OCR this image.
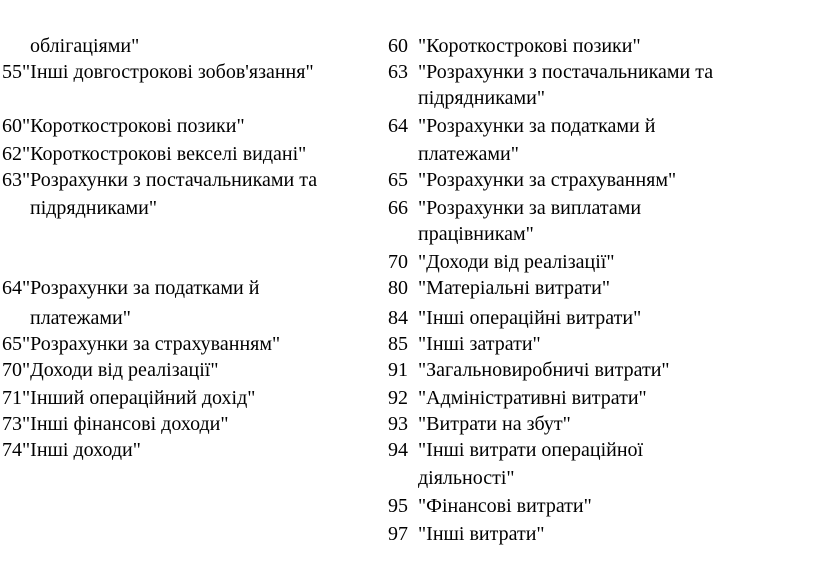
облігаціями"
55"Інші довгострокові зобов'язання"
60"Короткострокові позики"
62"Короткострокові векселі видані"
63"Розрахунки з постачальниками та
підрядниками"
64"Розрахунки за податками й
платежами"
65"Розрахунки за страхуванням"
70"Доходи від реалізації"
71"Інший операційний дохід"
73"Інші фінансові доходи"
74"Інші доходи"
60 "Короткострокові позики"
63 "Розрахунки з постачальниками та
підрядниками"
64 "Розрахунки за податками й
платежами"
65 "Розрахунки за страхуванням"
66 "Розрахунки за виплатами
працівникам"
70 "Доходи від реалізації"
80 "Матеріальні витрати"
84 "Інші операційні витрати"
85 "Інші затрати"
91 "Загальновиробничі витрати"
92 "Адміністративні витрати"
93 "Витрати на збут"
94 "Інші витрати операційної
діяльності"
95 "Фінансові витрати"
97 "Інші витрати"
